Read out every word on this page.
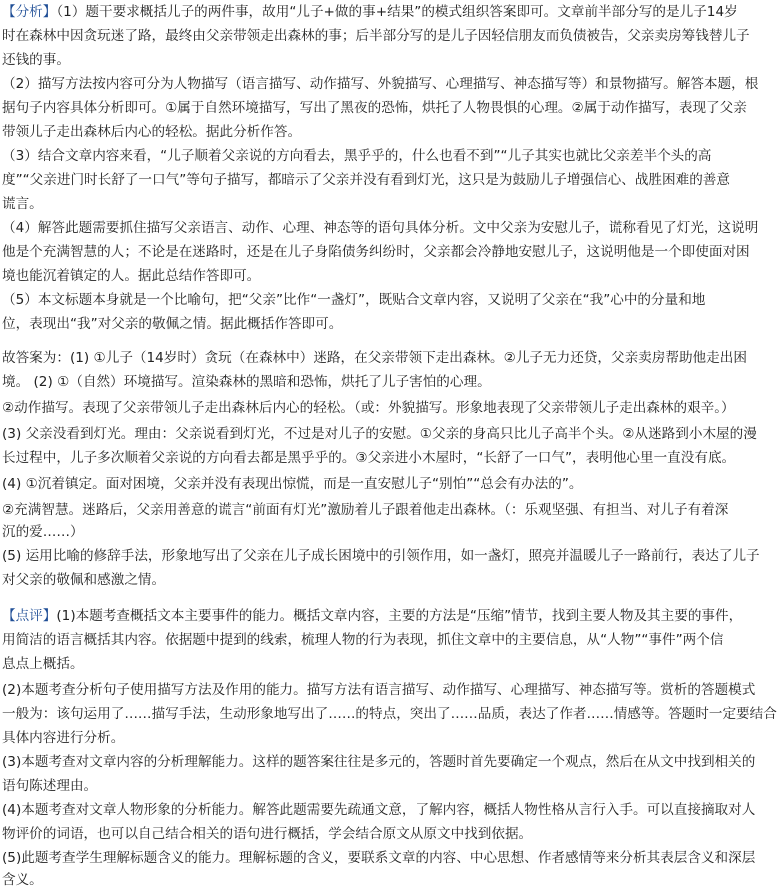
【分析】（1）题干要求概括儿子的两件事，故用“儿子+做的事+结果”的模式组织答案即可。文章前半部分写的是儿子14岁
时在森林中因贪玩迷了路，最终由父亲带领走出森林的事；后半部分写的是儿子因轻信朋友而负债被告，父亲卖房筹钱替儿子
还钱的事。
（2）描写方法按内容可分为人物描写（语言描写、动作描写、外貌描写、心理描写、神态描写等）和景物描写。解答本题，根
据句子内容具体分析即可。①属于自然环境描写，写出了黑夜的恐怖，烘托了人物畏惧的心理。②属于动作描写，表现了父亲
带领儿子走出森林后内心的轻松。据此分析作答。
（3）结合文章内容来看，“儿子顺着父亲说的方向看去，黑乎乎的，什么也看不到”“儿子其实也就比父亲差半个头的高
度”“父亲进门时长舒了一口气”等句子描写，都暗示了父亲并没有看到灯光，这只是为鼓励儿子增强信心、战胜困难的善意
谎言。
（4）解答此题需要抓住描写父亲语言、动作、心理、神态等的语句具体分析。文中父亲为安慰儿子，谎称看见了灯光，这说明
他是个充满智慧的人；不论是在迷路时，还是在儿子身陷债务纠纷时，父亲都会冷静地安慰儿子，这说明他是一个即使面对困
境也能沉着镇定的人。据此总结作答即可。
（5）本文标题本身就是一个比喻句，把“父亲”比作“一盏灯”，既贴合文章内容，又说明了父亲在“我”心中的分量和地
位，表现出“我”对父亲的敬佩之情。据此概括作答即可。
故答案为：(1) ①儿子（14岁时）贪玩（在森林中）迷路，在父亲带领下走出森林。②儿子无力还贷，父亲卖房帮助他走出困
境。 (2) ①（自然）环境描写。渲染森林的黑暗和恐怖，烘托了儿子害怕的心理。
②动作描写。表现了父亲带领儿子走出森林后内心的轻松。（或：外貌描写。形象地表现了父亲带领儿子走出森林的艰辛。）
(3) 父亲没看到灯光。理由：父亲说看到灯光，不过是对儿子的安慰。①父亲的身高只比儿子高半个头。②从迷路到小木屋的漫
长过程中，儿子多次顺着父亲说的方向看去都是黑乎乎的。③父亲进小木屋时，“长舒了一口气”，表明他心里一直没有底。
(4) ①沉着镇定。面对困境，父亲并没有表现出惊慌，而是一直安慰儿子“别怕”“总会有办法的”。
②充满智慧。迷路后，父亲用善意的谎言“前面有灯光”激励着儿子跟着他走出森林。（：乐观坚强、有担当、对儿子有着深
沉的爱……）
(5) 运用比喻的修辞手法，形象地写出了父亲在儿子成长困境中的引领作用，如一盏灯，照亮并温暖儿子一路前行，表达了儿子
对父亲的敬佩和感激之情。
【点评】(1)本题考查概括文本主要事件的能力。概括文章内容，主要的方法是“压缩”情节，找到主要人物及其主要的事件，
用简洁的语言概括其内容。依据题中提到的线索，梳理人物的行为表现，抓住文章中的主要信息，从“人物”“事件”两个信
息点上概括。
(2)本题考查分析句子使用描写方法及作用的能力。描写方法有语言描写、动作描写、心理描写、神态描写等。赏析的答题模式
一般为：该句运用了……描写手法，生动形象地写出了……的特点，突出了……品质，表达了作者……情感等。答题时一定要结合
具体内容进行分析。
(3)本题考查对文章内容的分析理解能力。这样的题答案往往是多元的，答题时首先要确定一个观点，然后在从文中找到相关的
语句陈述理由。
(4)本题考查对文章人物形象的分析能力。解答此题需要先疏通文意，了解内容，概括人物性格从言行入手。可以直接摘取对人
物评价的词语，也可以自己结合相关的语句进行概括，学会结合原文从原文中找到依据。
(5)此题考查学生理解标题含义的能力。理解标题的含义，要联系文章的内容、中心思想、作者感情等来分析其表层含义和深层
含义。
